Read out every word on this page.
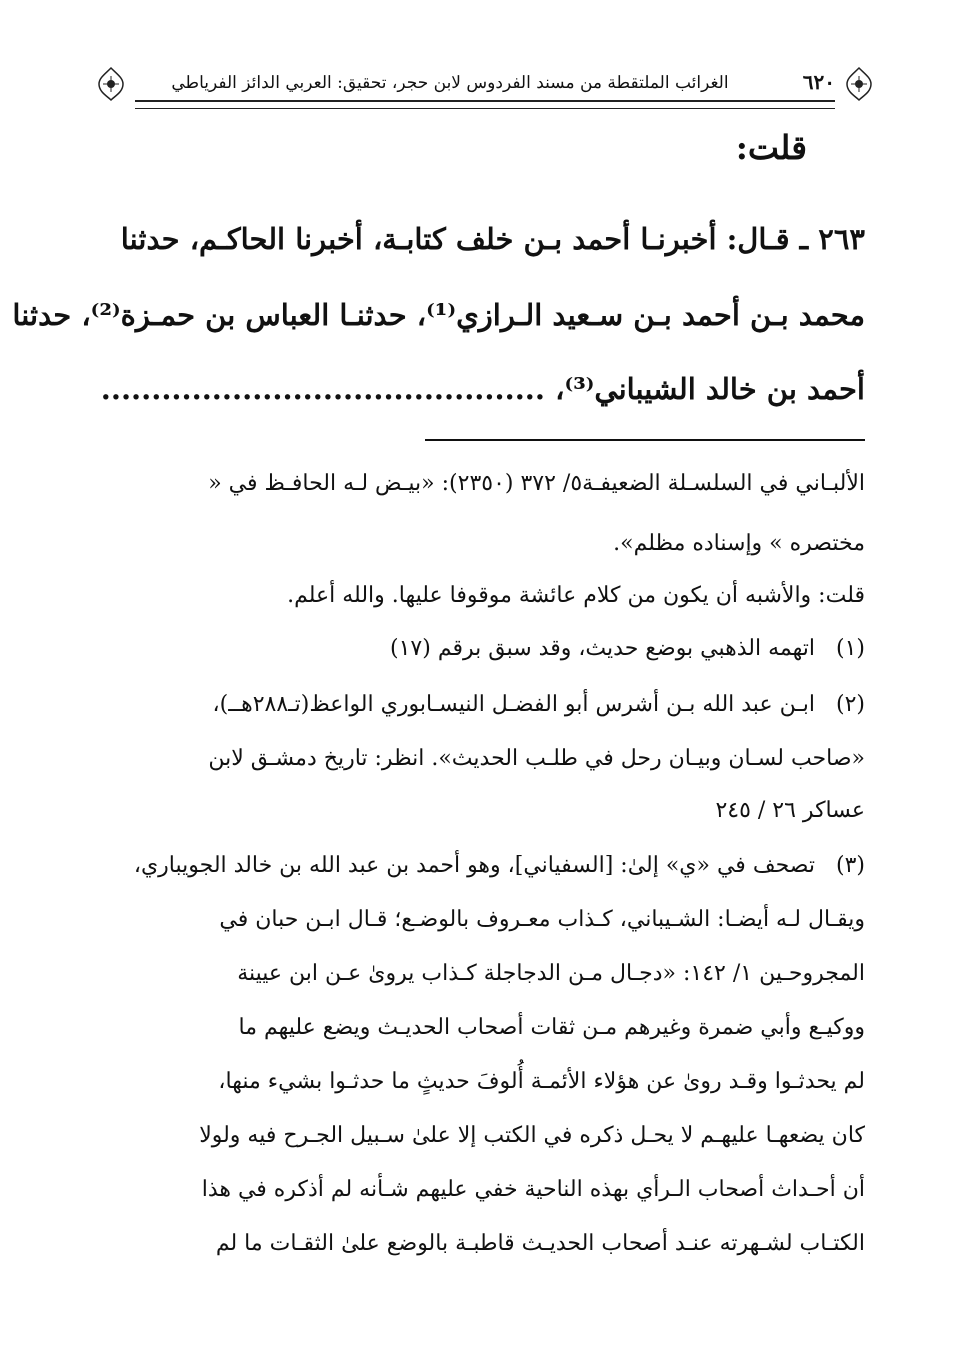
٦٢٠
الغرائب الملتقطة من مسند الفردوس لابن حجر، تحقيق: العربي الدائز الفرياطي
قلت:
٢٦٣ ـ قـال: أخبرنـا أحمد بـن خلف كتابـة، أخبرنا الحاكـم، حدثنا
محمد بـن أحمد بـن سـعيد الـرازي⁽¹⁾، حدثنـا العباس بن حمـزة⁽²⁾، حدثنا
أحمد بن خالد الشيباني⁽³⁾، ............................................
الألبـاني في السلسـلة الضعيفـة٥/ ٣٧٢ (٢٣٥٠): «بيـض لـه الحافـظ في «
مختصره » وإسناده مظلم».
قلت: والأشبه أن يكون من كلام عائشة موقوفا عليها. والله أعلم.
(١)
اتهمه الذهبي بوضع حديث، وقد سبق برقم (١٧)
(٢)
ابـن عبد الله بـن أشرس أبو الفضـل النيسـابوري الواعظ(تـ٢٨٨هــ)،
«صاحب لسـان وبيـان رحل في طلـب الحديث». انظر: تاريخ دمشـق لابن
عساكر ٢٦ / ٢٤٥
(٣)
تصحف في «ي» إلىٰ: [السفياني]، وهو أحمد بن عبد الله بن خالد الجويباري،
ويقـال لـه أيضـا: الشـيباني، كـذاب معـروف بالوضـع؛ قـال ابـن حبان في
المجروحـين ١/ ١٤٢: «دجـال مـن الدجاجلة كـذاب يروىٰ عـن ابن عيينة
ووكيـع وأبي ضمرة وغيرهم مـن ثقات أصحاب الحديـث ويضع عليهم ما
لم يحدثـوا وقـد روىٰ عن هؤلاء الأئمـة أُلوفَ حديثٍ ما حدثـوا بشيء منها،
كان يضعهـا عليهـم لا يحـل ذكره في الكتب إلا علىٰ سـبيل الجـرح فيه ولولا
أن أحـداث أصحاب الـرأي بهذه الناحية خفي عليهم شـأنه لم أذكره في هذا
الكتـاب لشـهرته عنـد أصحاب الحديـث قاطبـة بالوضع علىٰ الثقـات ما لم
